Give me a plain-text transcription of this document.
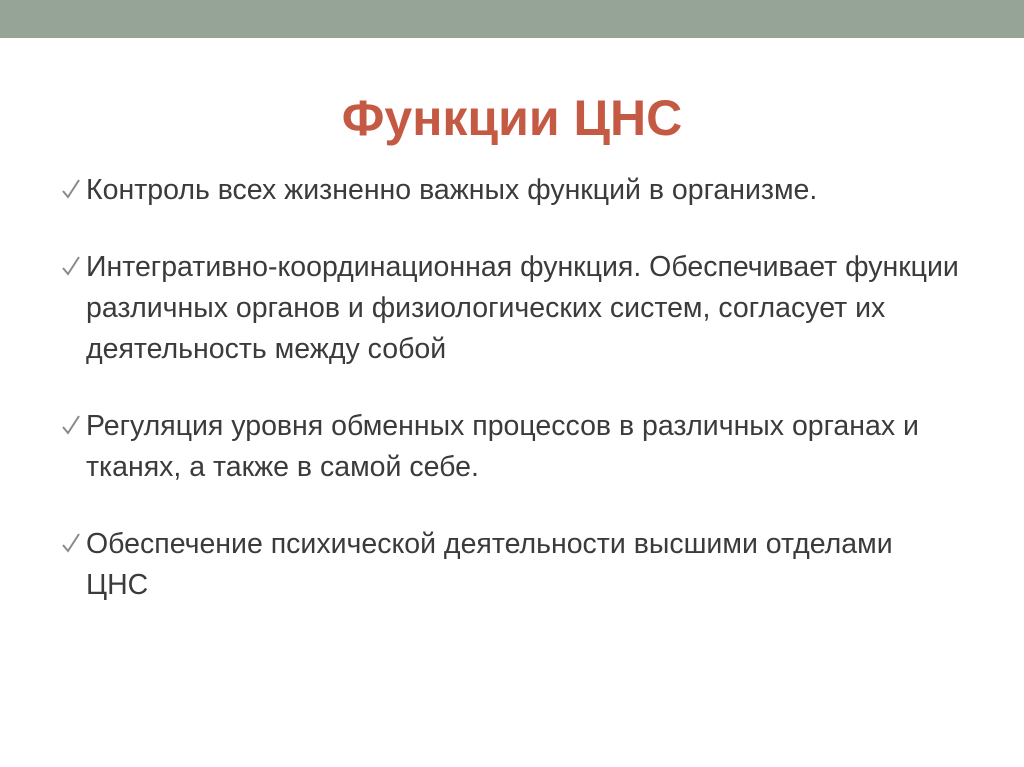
Функции ЦНС
Контроль всех жизненно важных функций в организме.
Интегративно-координационная функция. Обеспечивает функции различных органов и физиологических систем, согласует их деятельность между собой
Регуляция уровня обменных процессов в различных органах и тканях, а также в самой себе.
Обеспечение психической деятельности высшими отделами ЦНС
